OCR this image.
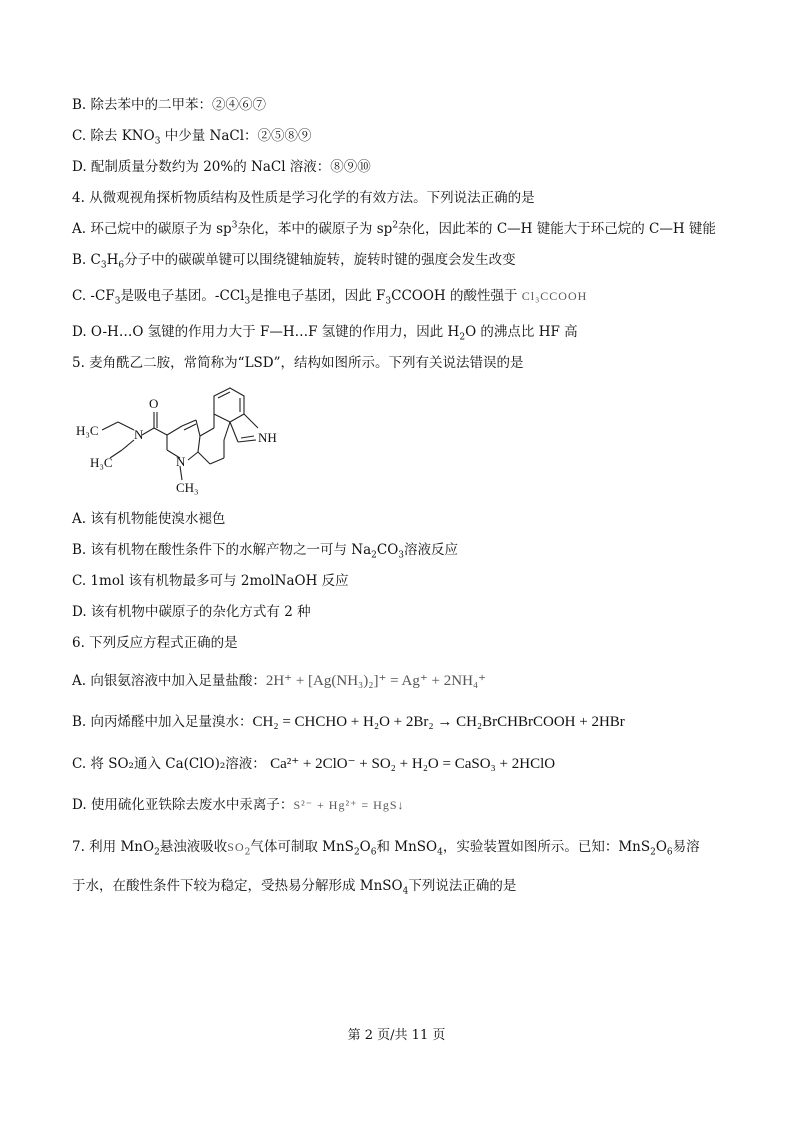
B. 除去苯中的二甲苯：②④⑥⑦
C. 除去 $KNO_3$ 中少量 NaCl：②⑤⑧⑨
D. 配制质量分数约为 20%的 NaCl 溶液：⑧⑨⑩
4. 从微观视角探析物质结构及性质是学习化学的有效方法。下列说法正确的是
A. 环己烷中的碳原子为 $sp^3$杂化，苯中的碳原子为 $sp^2$杂化，因此苯的 C—H 键能大于环己烷的 C—H 键能
B. $C_3H_6$分子中的碳碳单键可以围绕键轴旋转，旋转时键的强度会发生改变
C. $-CF_3$是吸电子基团。-CCl$_3$是推电子基团，因此 $F_3CCOOH$ 的酸性强于 Cl₃CCOOH
D. O-H…O 氢键的作用力大于 F—H…F 氢键的作用力，因此 $H_2O$ 的沸点比 HF 高
5. 麦角酰乙二胺，常简称为“LSD”，结构如图所示。下列有关说法错误的是
O
N
H₃C
H₃C	N
CH₃
NH
A. 该有机物能使溴水褪色
B. 该有机物在酸性条件下的水解产物之一可与 $Na_2CO_3$溶液反应
C. 1mol 该有机物最多可与 2molNaOH 反应
D. 该有机物中碳原子的杂化方式有 2 种
6. 下列反应方程式正确的是
A. 向银氨溶液中加入足量盐酸：2H⁺ + [Ag(NH₃)₂]⁺ = Ag⁺ + 2NH₄⁺
B. 向丙烯醛中加入足量溴水：CH₂ = CHCHO + H₂O + 2Br₂ → CH₂BrCHBrCOOH + 2HBr
C. 将 SO₂通入 Ca(ClO)₂溶液： Ca²⁺ + 2ClO⁻ + SO₂ + H₂O = CaSO₃ + 2HClO
D. 使用硫化亚铁除去废水中汞离子：S²⁻ + Hg²⁺ = HgS↓
7. 利用 MnO$_2$悬浊液吸收$SO_2$气体可制取 $MnS_2O_6$和 MnSO$_4$，实验装置如图所示。已知：$MnS_2O_6$易溶
于水，在酸性条件下较为稳定，受热易分解形成 MnSO$_4$下列说法正确的是
第 2 页/共 11 页
